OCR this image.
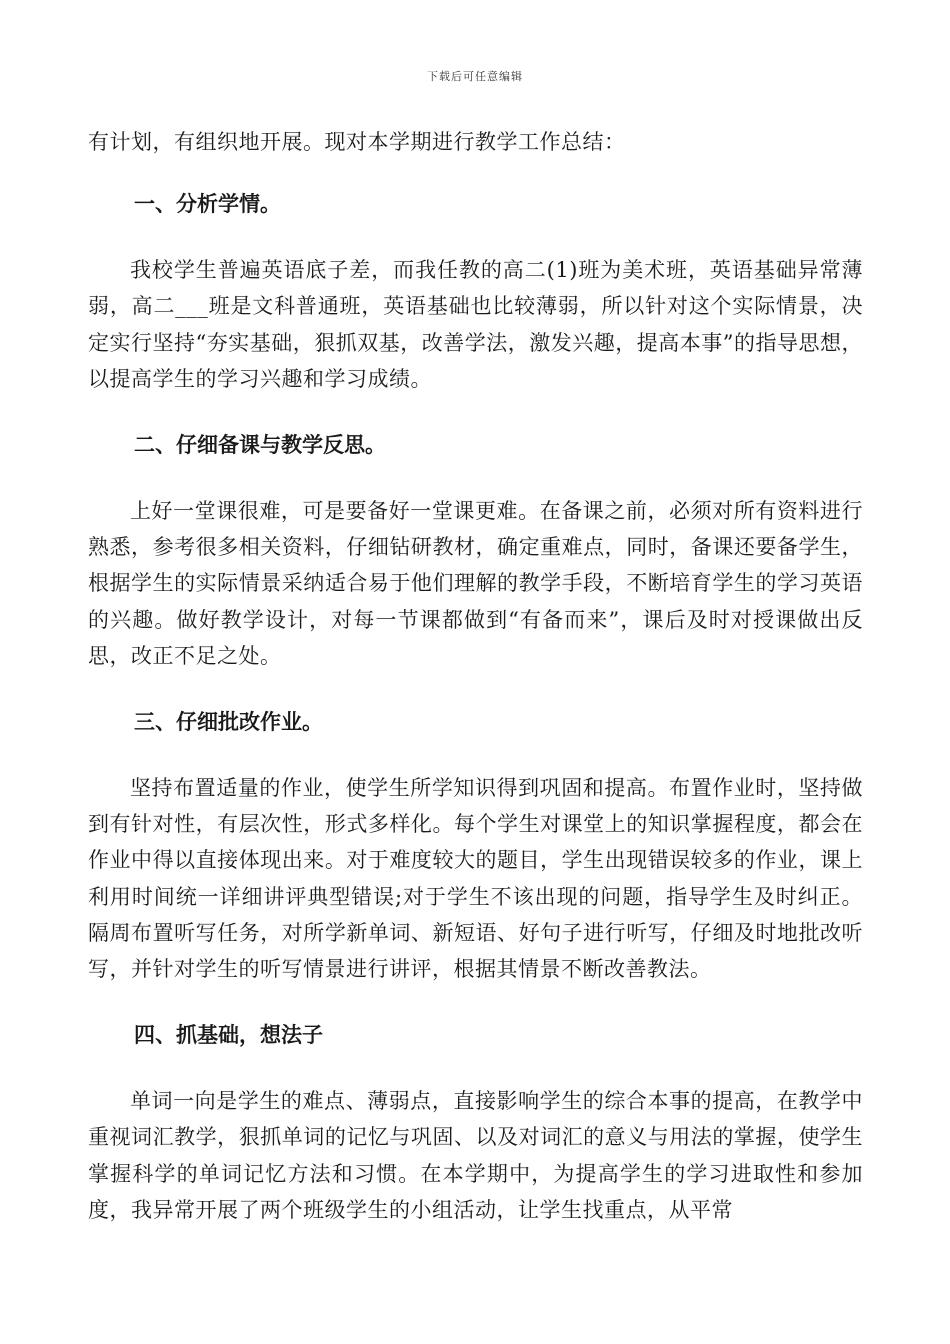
下载后可任意编辑

有计划，有组织地开展。现对本学期进行教学工作总结：

一、分析学情。

我校学生普遍英语底子差，而我任教的高二(1)班为美术班，英语基础异常薄弱，高二___班是文科普通班，英语基础也比较薄弱，所以针对这个实际情景，决定实行坚持“夯实基础，狠抓双基，改善学法，激发兴趣，提高本事”的指导思想，以提高学生的学习兴趣和学习成绩。

二、仔细备课与教学反思。

上好一堂课很难，可是要备好一堂课更难。在备课之前，必须对所有资料进行熟悉，参考很多相关资料，仔细钻研教材，确定重难点，同时，备课还要备学生，根据学生的实际情景采纳适合易于他们理解的教学手段，不断培育学生的学习英语的兴趣。做好教学设计，对每一节课都做到“有备而来”，课后及时对授课做出反思，改正不足之处。

三、仔细批改作业。

坚持布置适量的作业，使学生所学知识得到巩固和提高。布置作业时，坚持做到有针对性，有层次性，形式多样化。每个学生对课堂上的知识掌握程度，都会在作业中得以直接体现出来。对于难度较大的题目，学生出现错误较多的作业，课上利用时间统一详细讲评典型错误;对于学生不该出现的问题，指导学生及时纠正。隔周布置听写任务，对所学新单词、新短语、好句子进行听写，仔细及时地批改听写，并针对学生的听写情景进行讲评，根据其情景不断改善教法。

四、抓基础，想法子

单词一向是学生的难点、薄弱点，直接影响学生的综合本事的提高，在教学中重视词汇教学，狠抓单词的记忆与巩固、以及对词汇的意义与用法的掌握，使学生掌握科学的单词记忆方法和习惯。在本学期中，为提高学生的学习进取性和参加度，我异常开展了两个班级学生的小组活动，让学生找重点，从平常
